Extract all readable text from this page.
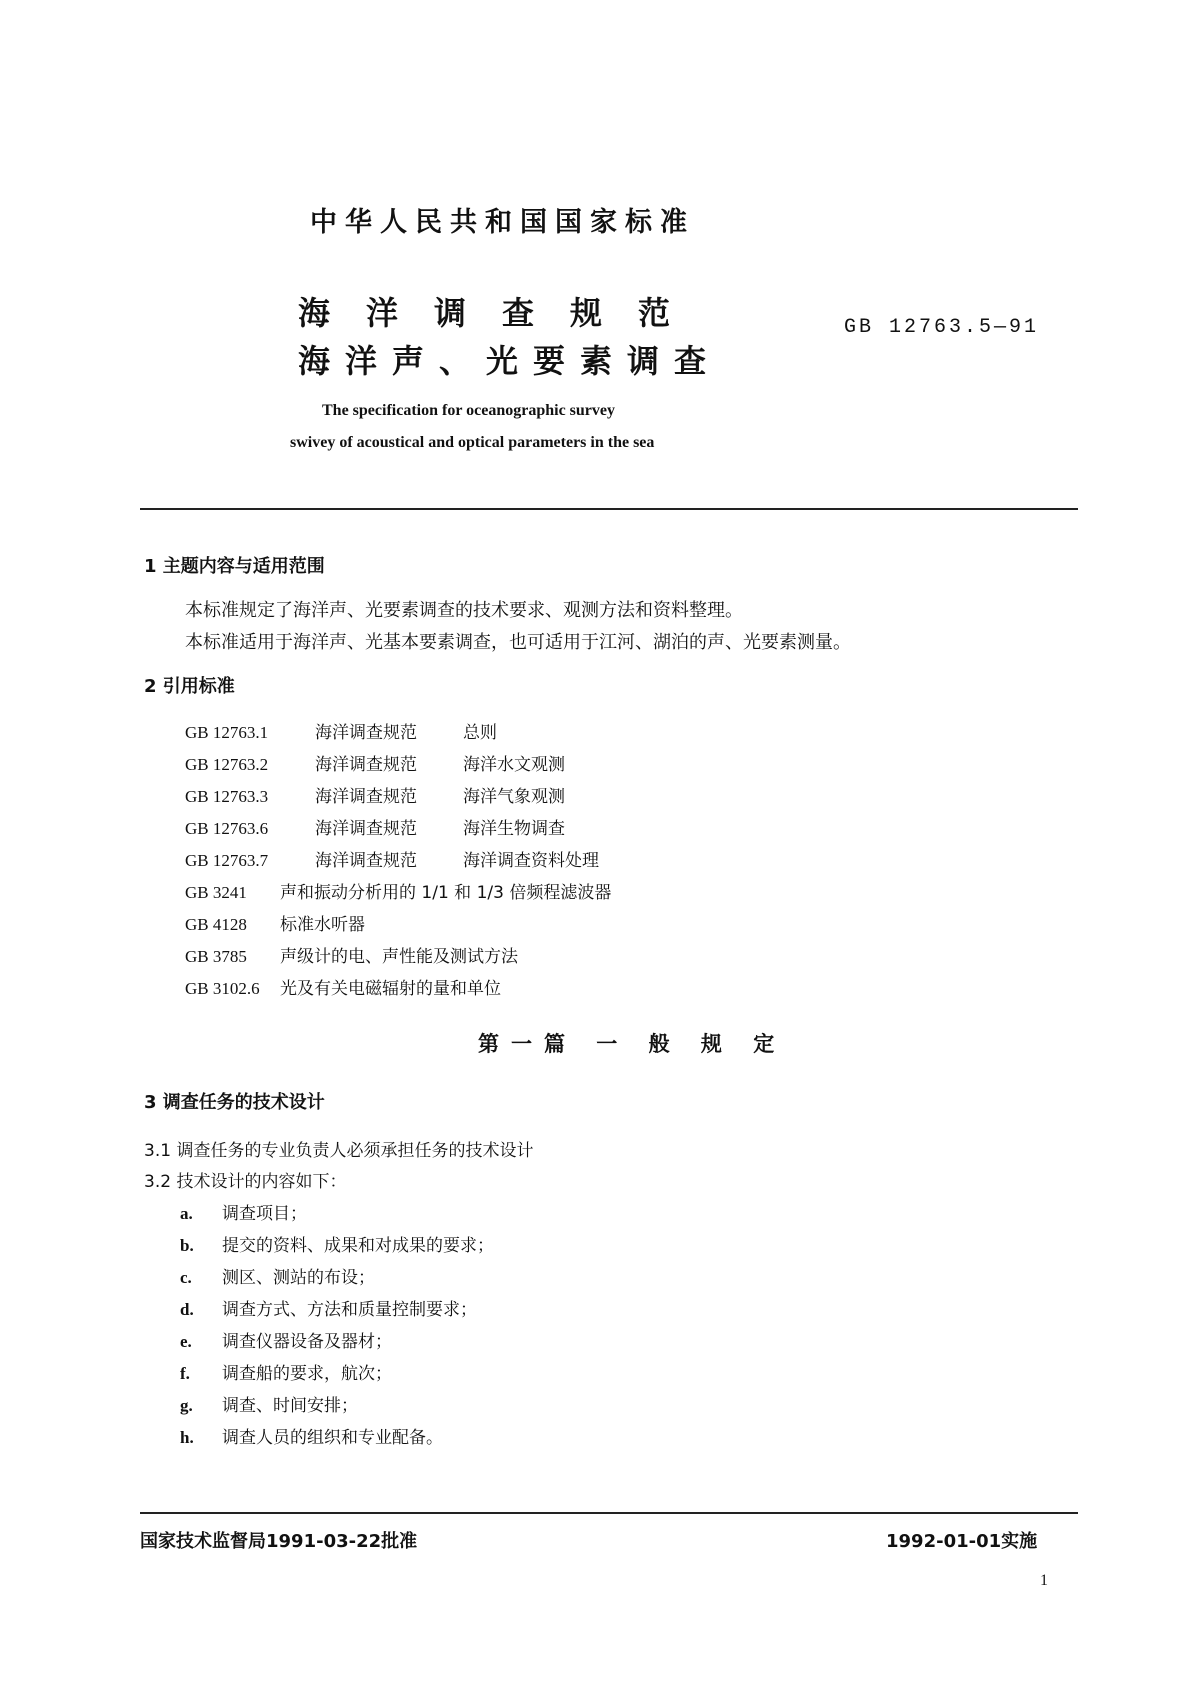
中华人民共和国国家标准
海洋调查规范
海洋声、光要素调查
GB 12763.5—91
The specification for oceanographic survey
swivey of acoustical and optical parameters in the sea
1 主题内容与适用范围
本标准规定了海洋声、光要素调查的技术要求、观测方法和资料整理。
本标准适用于海洋声、光基本要素调查，也可适用于江河、湖泊的声、光要素测量。
2 引用标准
GB 12763.1	海洋调查规范	总则
GB 12763.2	海洋调查规范	海洋水文观测
GB 12763.3	海洋调查规范	海洋气象观测
GB 12763.6	海洋调查规范	海洋生物调查
GB 12763.7	海洋调查规范	海洋调查资料处理
GB 3241 声和振动分析用的 1/1 和 1/3 倍频程滤波器
GB 4128 标准水听器
GB 3785 声级计的电、声性能及测试方法
GB 3102.6 光及有关电磁辐射的量和单位
第一篇 一 般 规 定
3 调查任务的技术设计
3.1 调查任务的专业负责人必须承担任务的技术设计
3.2 技术设计的内容如下：
a. 调查项目；
b. 提交的资料、成果和对成果的要求；
c. 测区、测站的布设；
d. 调查方式、方法和质量控制要求；
e. 调查仪器设备及器材；
f. 调查船的要求，航次；
g. 调查、时间安排；
h. 调查人员的组织和专业配备。
国家技术监督局1991-03-22批准	1992-01-01实施
1
